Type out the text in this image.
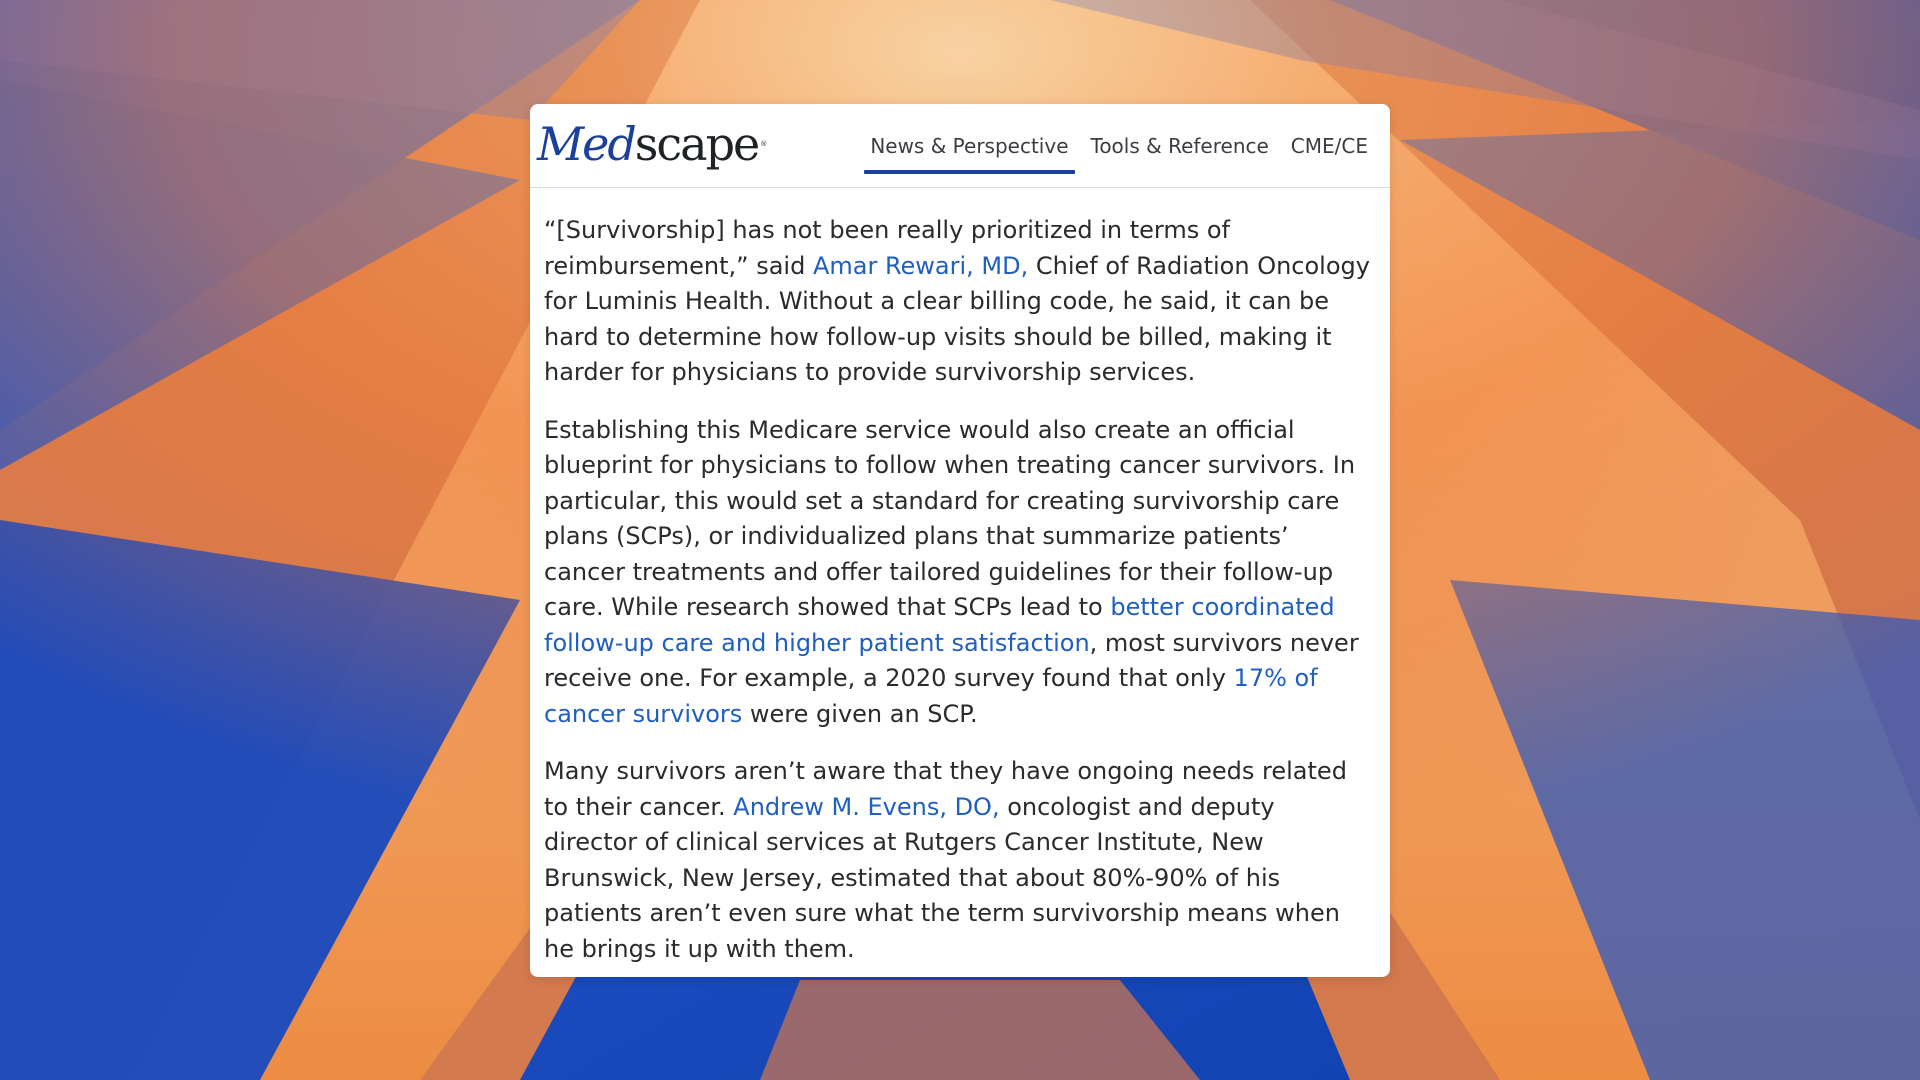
Medscape ®	News & Perspective Tools & Reference CME/CE

“[Survivorship] has not been really prioritized in terms of reimbursement,” said Amar Rewari, MD, Chief of Radiation Oncology for Luminis Health. Without a clear billing code, he said, it can be hard to determine how follow-up visits should be billed, making it harder for physicians to provide survivorship services.

Establishing this Medicare service would also create an official blueprint for physicians to follow when treating cancer survivors. In particular, this would set a standard for creating survivorship care plans (SCPs), or individualized plans that summarize patients’ cancer treatments and offer tailored guidelines for their follow-up care. While research showed that SCPs lead to better coordinated follow-up care and higher patient satisfaction, most survivors never receive one. For example, a 2020 survey found that only 17% of cancer survivors were given an SCP.

Many survivors aren’t aware that they have ongoing needs related to their cancer. Andrew M. Evens, DO, oncologist and deputy director of clinical services at Rutgers Cancer Institute, New Brunswick, New Jersey, estimated that about 80%-90% of his patients aren’t even sure what the term survivorship means when he brings it up with them.
